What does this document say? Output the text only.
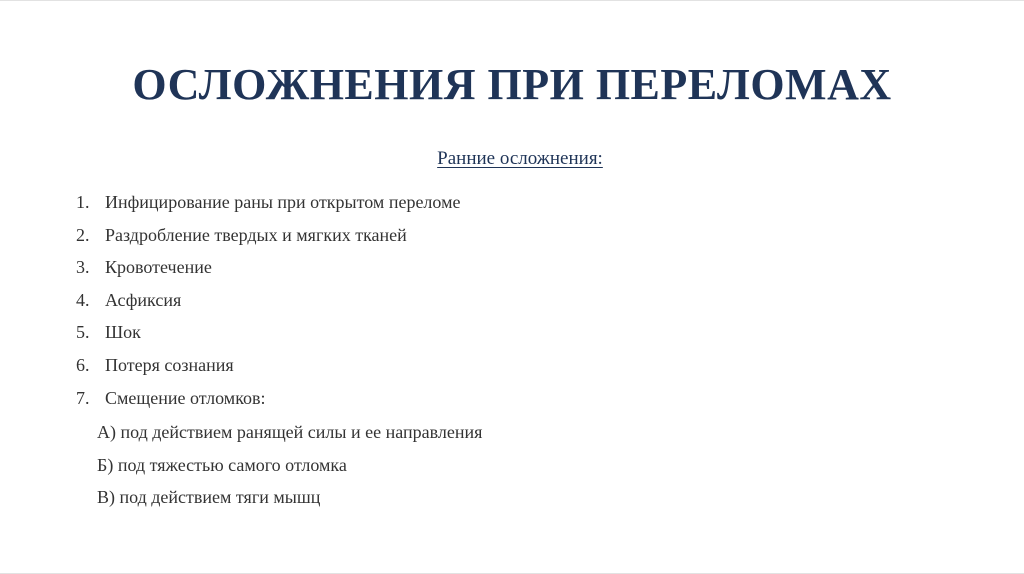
ОСЛОЖНЕНИЯ ПРИ ПЕРЕЛОМАХ
Ранние осложнения:
1. Инфицирование раны при открытом переломе
2. Раздробление твердых и мягких тканей
3. Кровотечение
4. Асфиксия
5. Шок
6. Потеря сознания
7. Смещение отломков:
А) под действием ранящей силы и ее направления
Б) под тяжестью самого отломка
В) под действием тяги мышц
